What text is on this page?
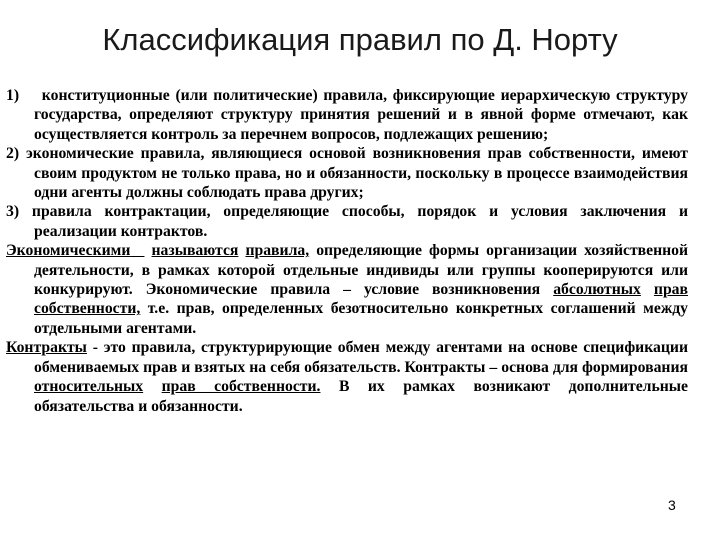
Классификация правил по Д. Норту

1) конституционные (или политические) правила, фиксирующие иерархическую структуру государства, определяют структуру принятия решений и в явной форме отмечают, как осуществляется контроль за перечнем вопросов, подлежащих решению;

2) экономические правила, являющиеся основой возникновения прав собственности, имеют своим продуктом не только права, но и обязанности, поскольку в процессе взаимодействия одни агенты должны соблюдать права других;

3) правила контрактации, определяющие способы, порядок и условия заключения и реализации контрактов.

Экономическими называются правила, определяющие формы организации хозяйственной деятельности, в рамках которой отдельные индивиды или группы кооперируются или конкурируют. Экономические правила – условие возникновения абсолютных прав собственности, т.е. прав, определенных безотносительно конкретных соглашений между отдельными агентами.

Контракты - это правила, структурирующие обмен между агентами на основе спецификации обмениваемых прав и взятых на себя обязательств. Контракты – основа для формирования относительных прав собственности. В их рамках возникают дополнительные обязательства и обязанности.

3
